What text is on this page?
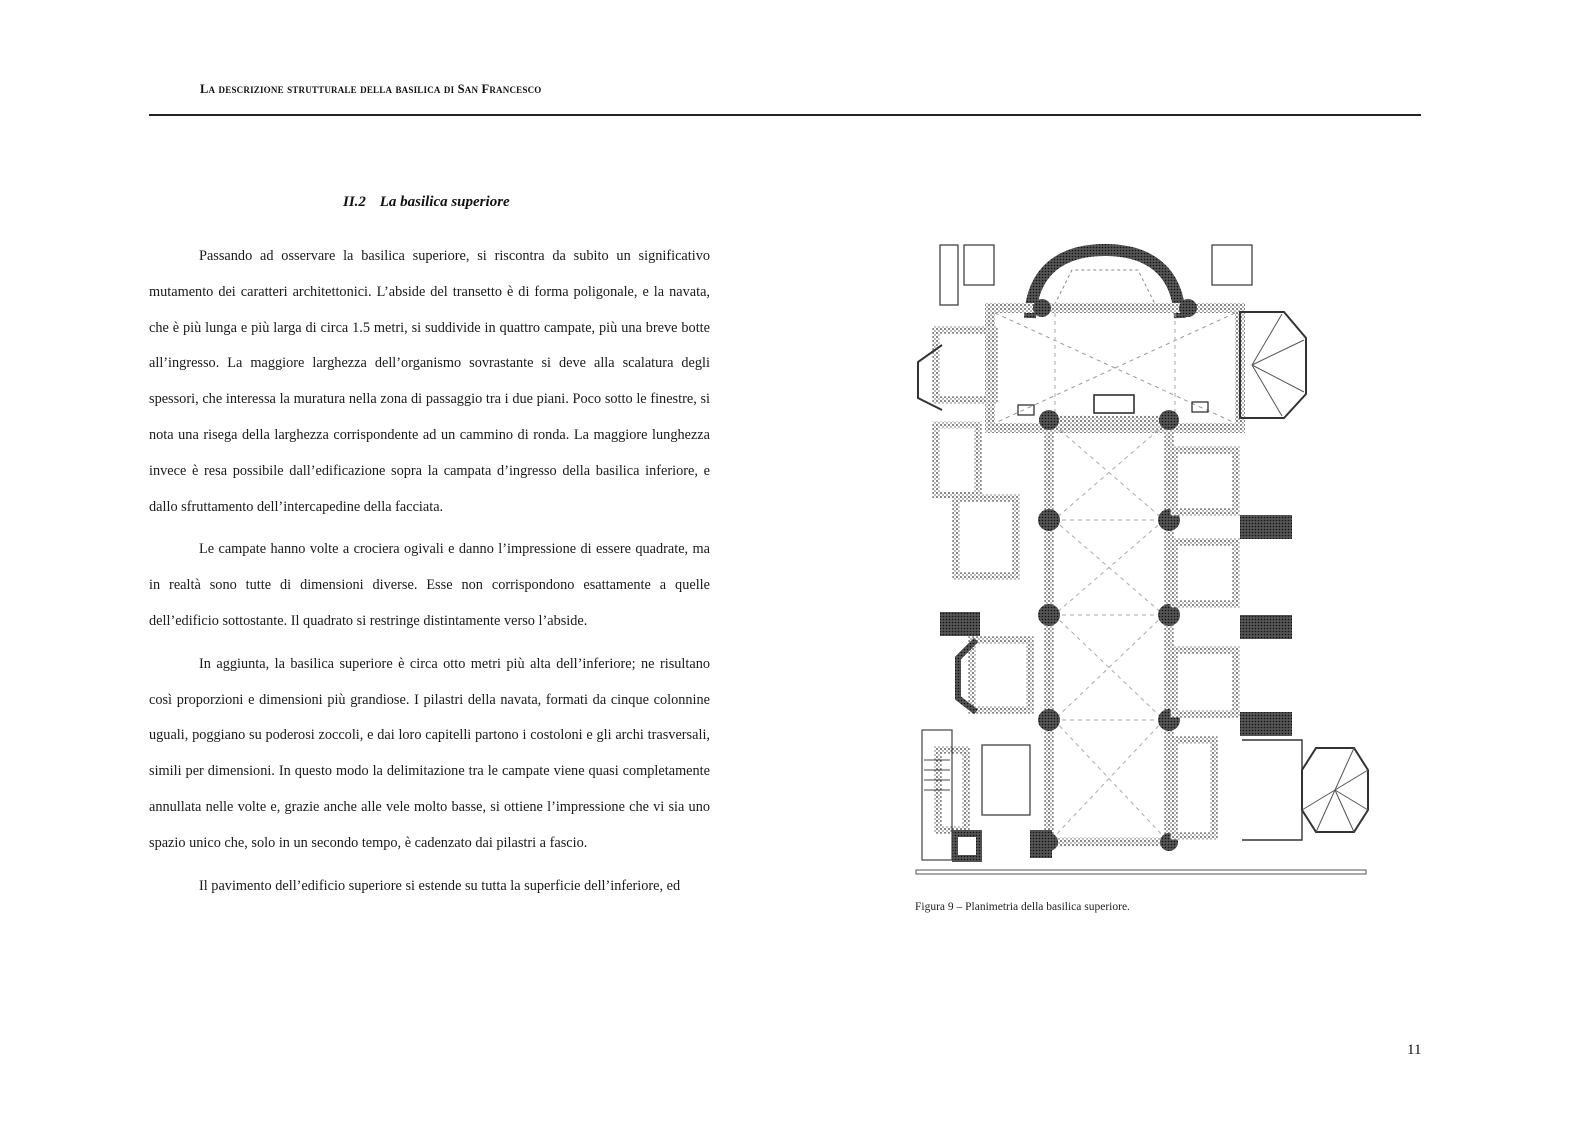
La descrizione strutturale della basilica di San Francesco
II.2 La basilica superiore

Passando ad osservare la basilica superiore, si riscontra da subito un significativo mutamento dei caratteri architettonici. L’abside del transetto è di forma poligonale, e la navata, che è più lunga e più larga di circa 1.5 metri, si suddivide in quattro campate, più una breve botte all’ingresso. La maggiore larghezza dell’organismo sovrastante si deve alla scalatura degli spessori, che interessa la muratura nella zona di passaggio tra i due piani. Poco sotto le finestre, si nota una risega della larghezza corrispondente ad un cammino di ronda. La maggiore lunghezza invece è resa possibile dall’edificazione sopra la campata d’ingresso della basilica inferiore, e dallo sfruttamento dell’intercapedine della facciata.

Le campate hanno volte a crociera ogivali e danno l’impressione di essere quadrate, ma in realtà sono tutte di dimensioni diverse. Esse non corrispondono esattamente a quelle dell’edificio sottostante. Il quadrato si restringe distintamente verso l’abside.

In aggiunta, la basilica superiore è circa otto metri più alta dell’inferiore; ne risultano così proporzioni e dimensioni più grandiose. I pilastri della navata, formati da cinque colonnine uguali, poggiano su poderosi zoccoli, e dai loro capitelli partono i costoloni e gli archi trasversali, simili per dimensioni. In questo modo la delimitazione tra le campate viene quasi completamente annullata nelle volte e, grazie anche alle vele molto basse, si ottiene l’impressione che vi sia uno spazio unico che, solo in un secondo tempo, è cadenzato dai pilastri a fascio.

Il pavimento dell’edificio superiore si estende su tutta la superficie dell’inferiore, ed

Figura 9 – Planimetria della basilica superiore.
11
